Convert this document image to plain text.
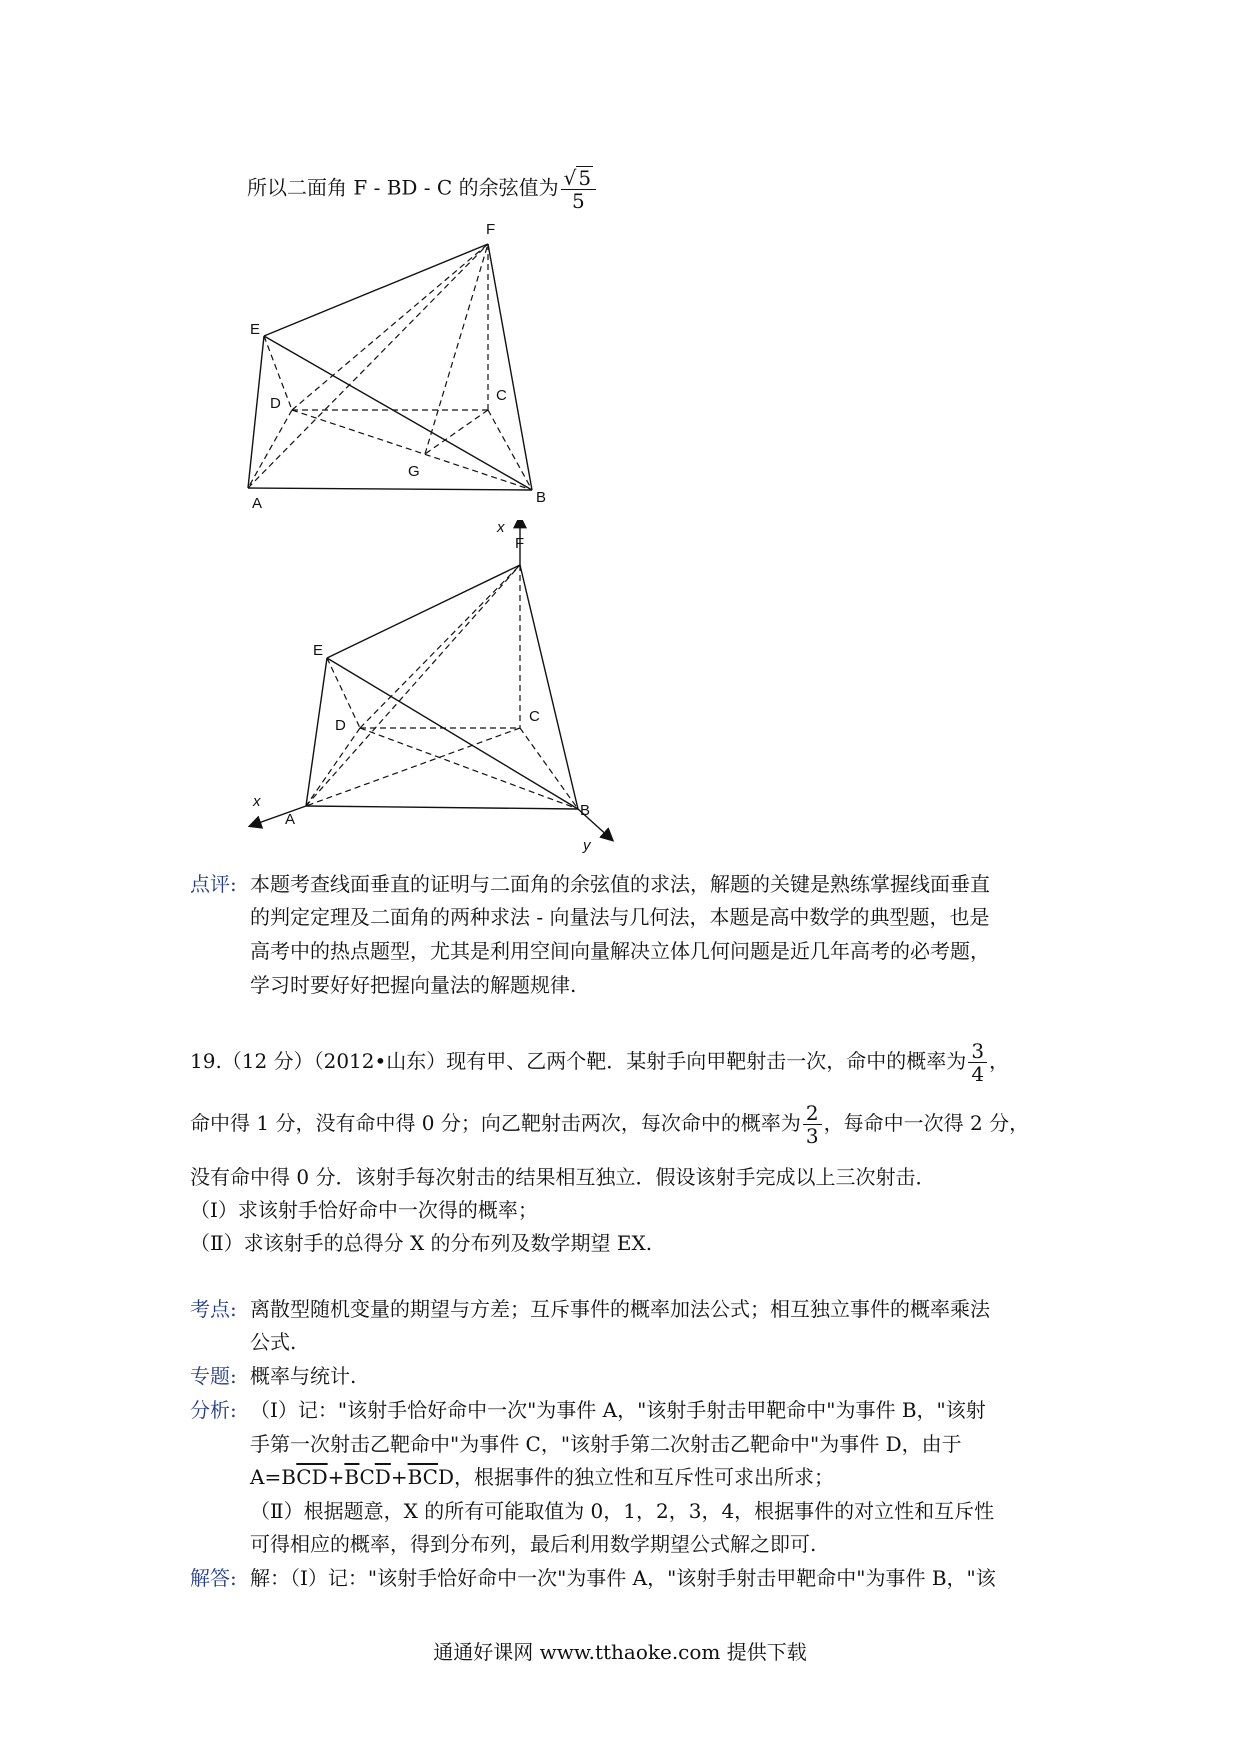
所以二面角 F - BD - C 的余弦值为 $\frac{√ 5}{5}$
F
E
D	C
G
A	B
x
F
E
D
C
x
A
B
y
点评: 本题考查线面垂直的证明与二面角的余弦值的求法，解题的关键是熟练掌握线面垂直
的判定定理及二面角的两种求法 - 向量法与几何法，本题是高中数学的典型题，也是
高考中的热点题型，尤其是利用空间向量解决立体几何问题是近几年高考的必考题，
学习时要好好把握向量法的解题规律.
19.（12 分）（2012•山东）现有甲、乙两个靶．某射手向甲靶射击一次，命中的概率为 $\frac{3}{4}$ ，
命中得 1 分，没有命中得 0 分；向乙靶射击两次，每次命中的概率为 $\frac{2}{3}$ ，每命中一次得 2 分，
没有命中得 0 分．该射手每次射击的结果相互独立．假设该射手完成以上三次射击．
（Ⅰ）求该射手恰好命中一次得的概率；
（Ⅱ）求该射手的总得分 X 的分布列及数学期望 EX.
考点: 离散型随机变量的期望与方差；互斥事件的概率加法公式；相互独立事件的概率乘法
公式.
专题: 概率与统计.
分析: （Ⅰ）记："该射手恰好命中一次"为事件 A，"该射手射击甲靶命中"为事件 B，"该射
手第一次射击乙靶命中"为事件 C，"该射手第二次射击乙靶命中"为事件 D，由于
$A=B\overline{CD}+\overline{B}C\overline{D}+\overline{BC}D$，根据事件的独立性和互斥性可求出所求；
（Ⅱ）根据题意，X 的所有可能取值为 0，1，2，3，4，根据事件的对立性和互斥性
可得相应的概率，得到分布列，最后利用数学期望公式解之即可.
解答: 解：（Ⅰ）记："该射手恰好命中一次"为事件 A，"该射手射击甲靶命中"为事件 B，"该
通通好课网 www.tthaoke.com 提供下载
